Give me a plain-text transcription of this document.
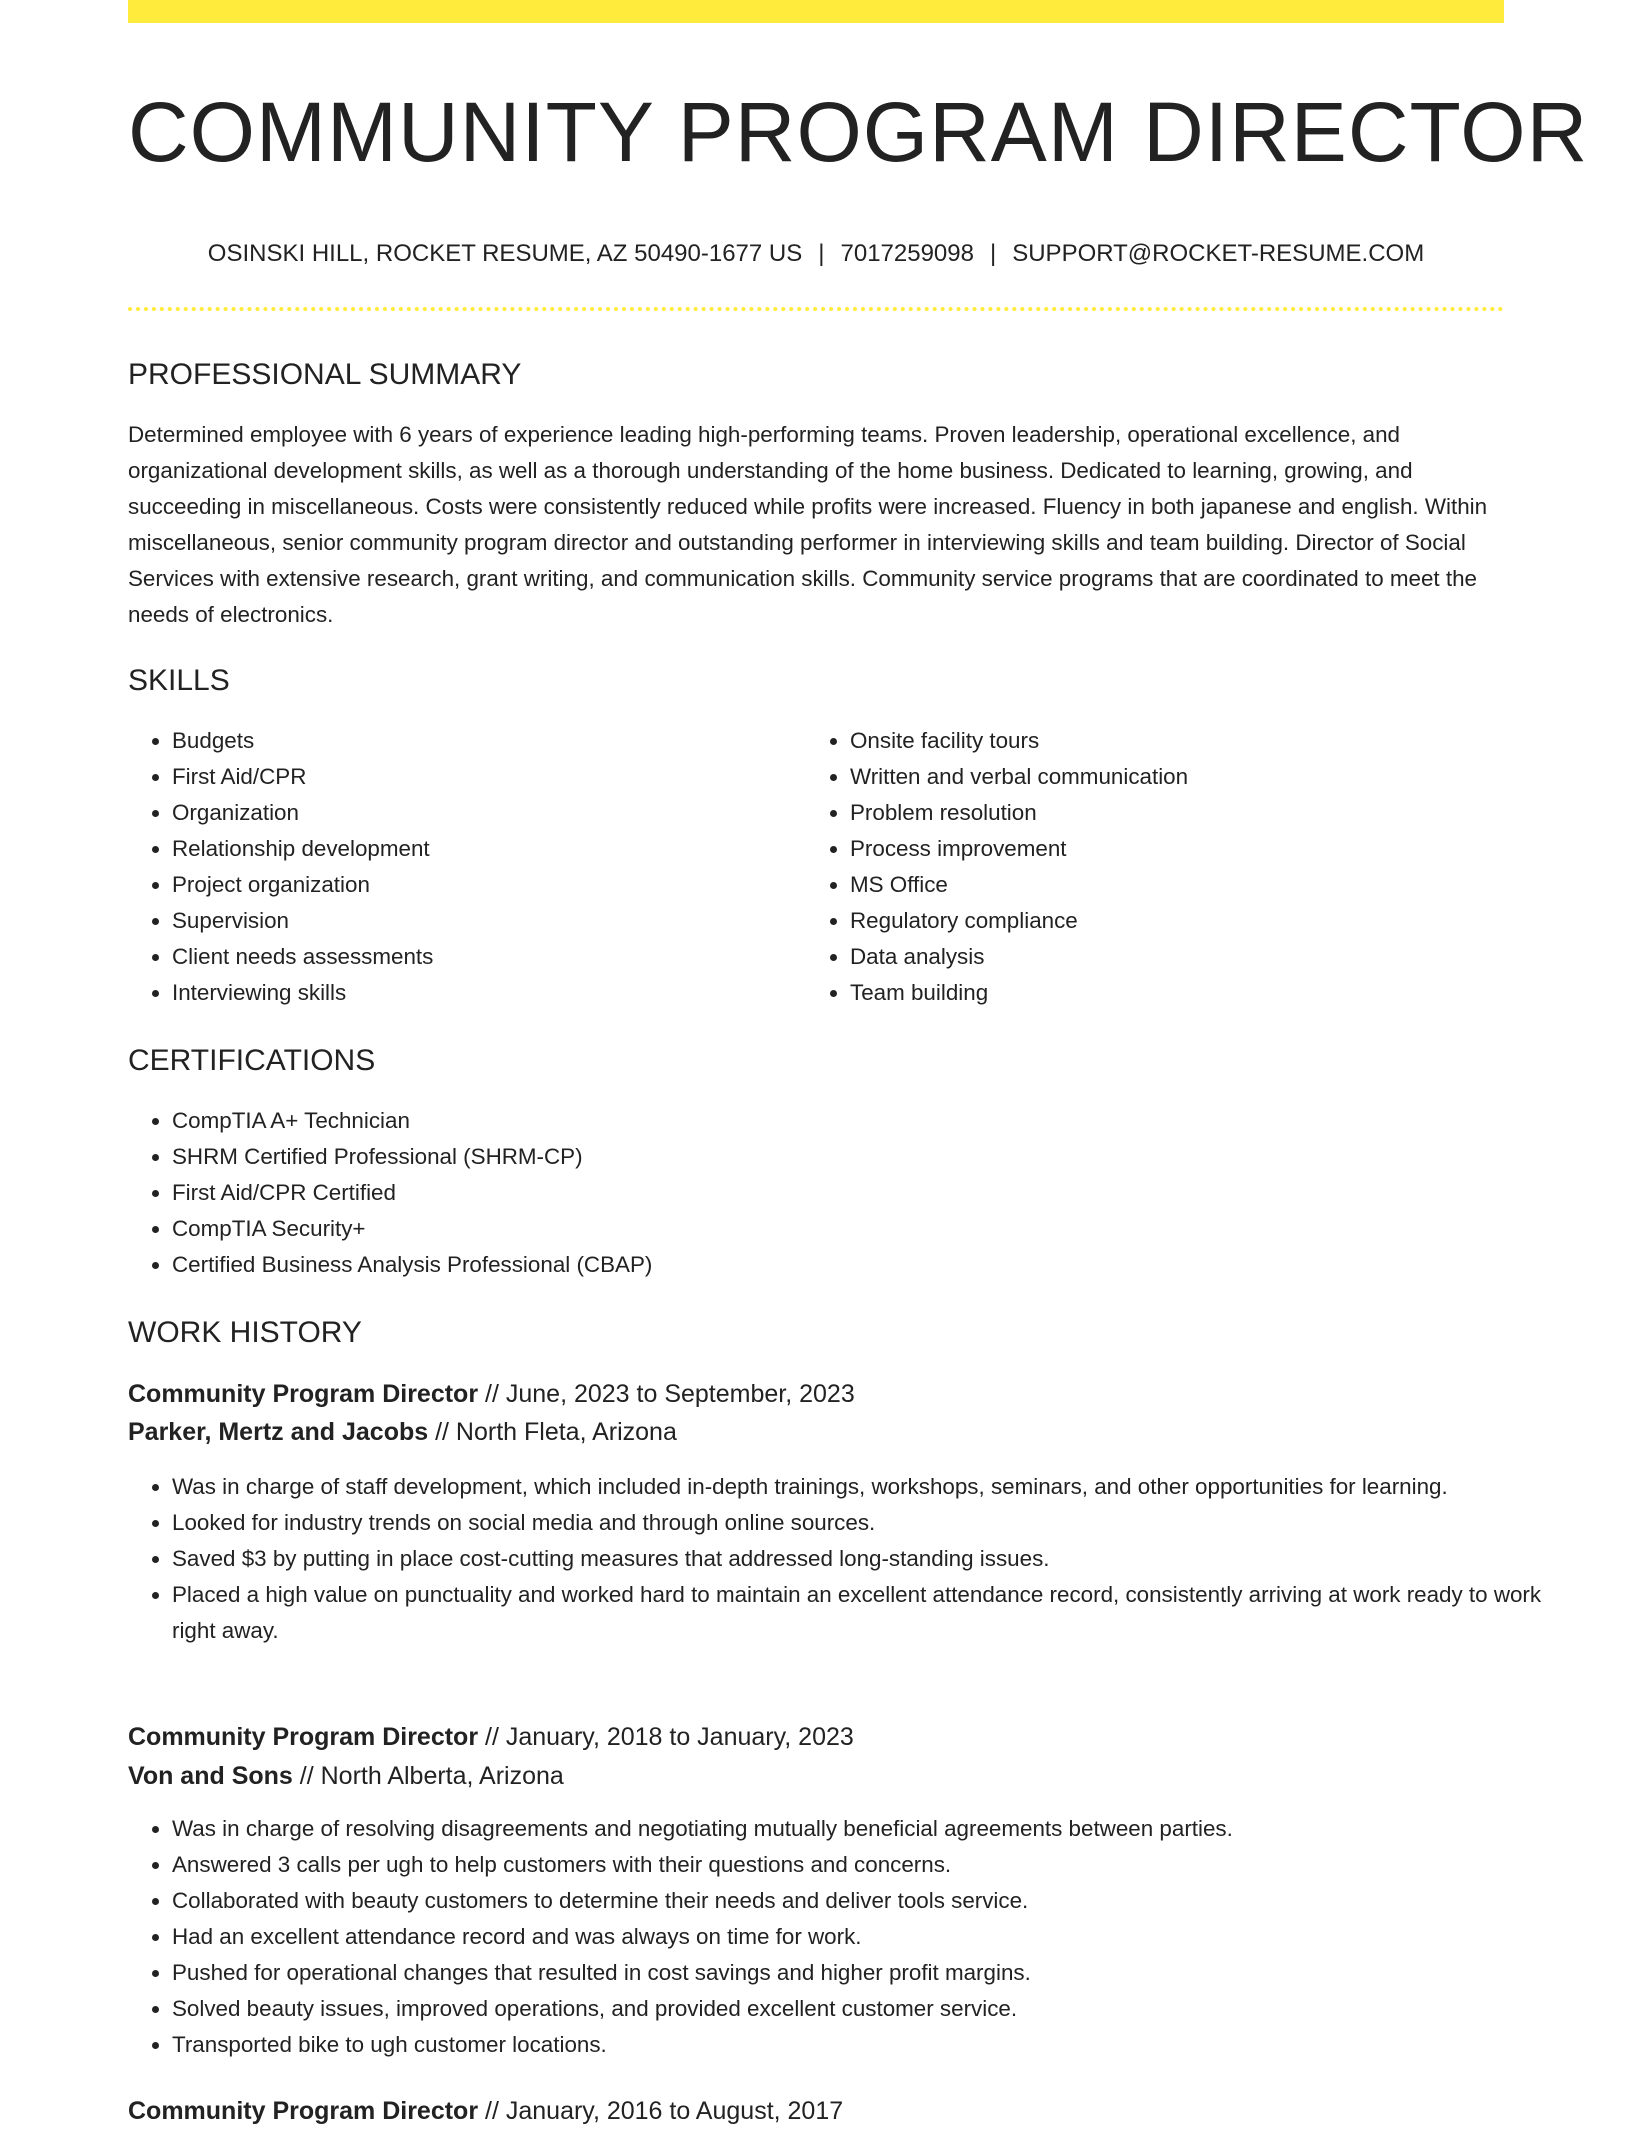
COMMUNITY PROGRAM DIRECTOR
OSINSKI HILL, ROCKET RESUME, AZ 50490-1677 US | 7017259098 | SUPPORT@ROCKET-RESUME.COM
PROFESSIONAL SUMMARY

Determined employee with 6 years of experience leading high-performing teams. Proven leadership, operational excellence, and organizational development skills, as well as a thorough understanding of the home business. Dedicated to learning, growing, and succeeding in miscellaneous. Costs were consistently reduced while profits were increased. Fluency in both japanese and english. Within miscellaneous, senior community program director and outstanding performer in interviewing skills and team building. Director of Social Services with extensive research, grant writing, and communication skills. Community service programs that are coordinated to meet the needs of electronics.

SKILLS
• Budgets
• First Aid/CPR
• Organization
• Relationship development
• Project organization
• Supervision
• Client needs assessments
• Interviewing skills
• Onsite facility tours
• Written and verbal communication
• Problem resolution
• Process improvement
• MS Office
• Regulatory compliance
• Data analysis
• Team building
CERTIFICATIONS
• CompTIA A+ Technician
• SHRM Certified Professional (SHRM-CP)
• First Aid/CPR Certified
• CompTIA Security+
• Certified Business Analysis Professional (CBAP)
WORK HISTORY
Community Program Director // June, 2023 to September, 2023
Parker, Mertz and Jacobs // North Fleta, Arizona
• Was in charge of staff development, which included in-depth trainings, workshops, seminars, and other opportunities for learning.
• Looked for industry trends on social media and through online sources.
• Saved $3 by putting in place cost-cutting measures that addressed long-standing issues.
• Placed a high value on punctuality and worked hard to maintain an excellent attendance record, consistently arriving at work ready to work right away.
Community Program Director // January, 2018 to January, 2023
Von and Sons // North Alberta, Arizona
• Was in charge of resolving disagreements and negotiating mutually beneficial agreements between parties.
• Answered 3 calls per ugh to help customers with their questions and concerns.
• Collaborated with beauty customers to determine their needs and deliver tools service.
• Had an excellent attendance record and was always on time for work.
• Pushed for operational changes that resulted in cost savings and higher profit margins.
• Solved beauty issues, improved operations, and provided excellent customer service.
• Transported bike to ugh customer locations.
Community Program Director // January, 2016 to August, 2017
